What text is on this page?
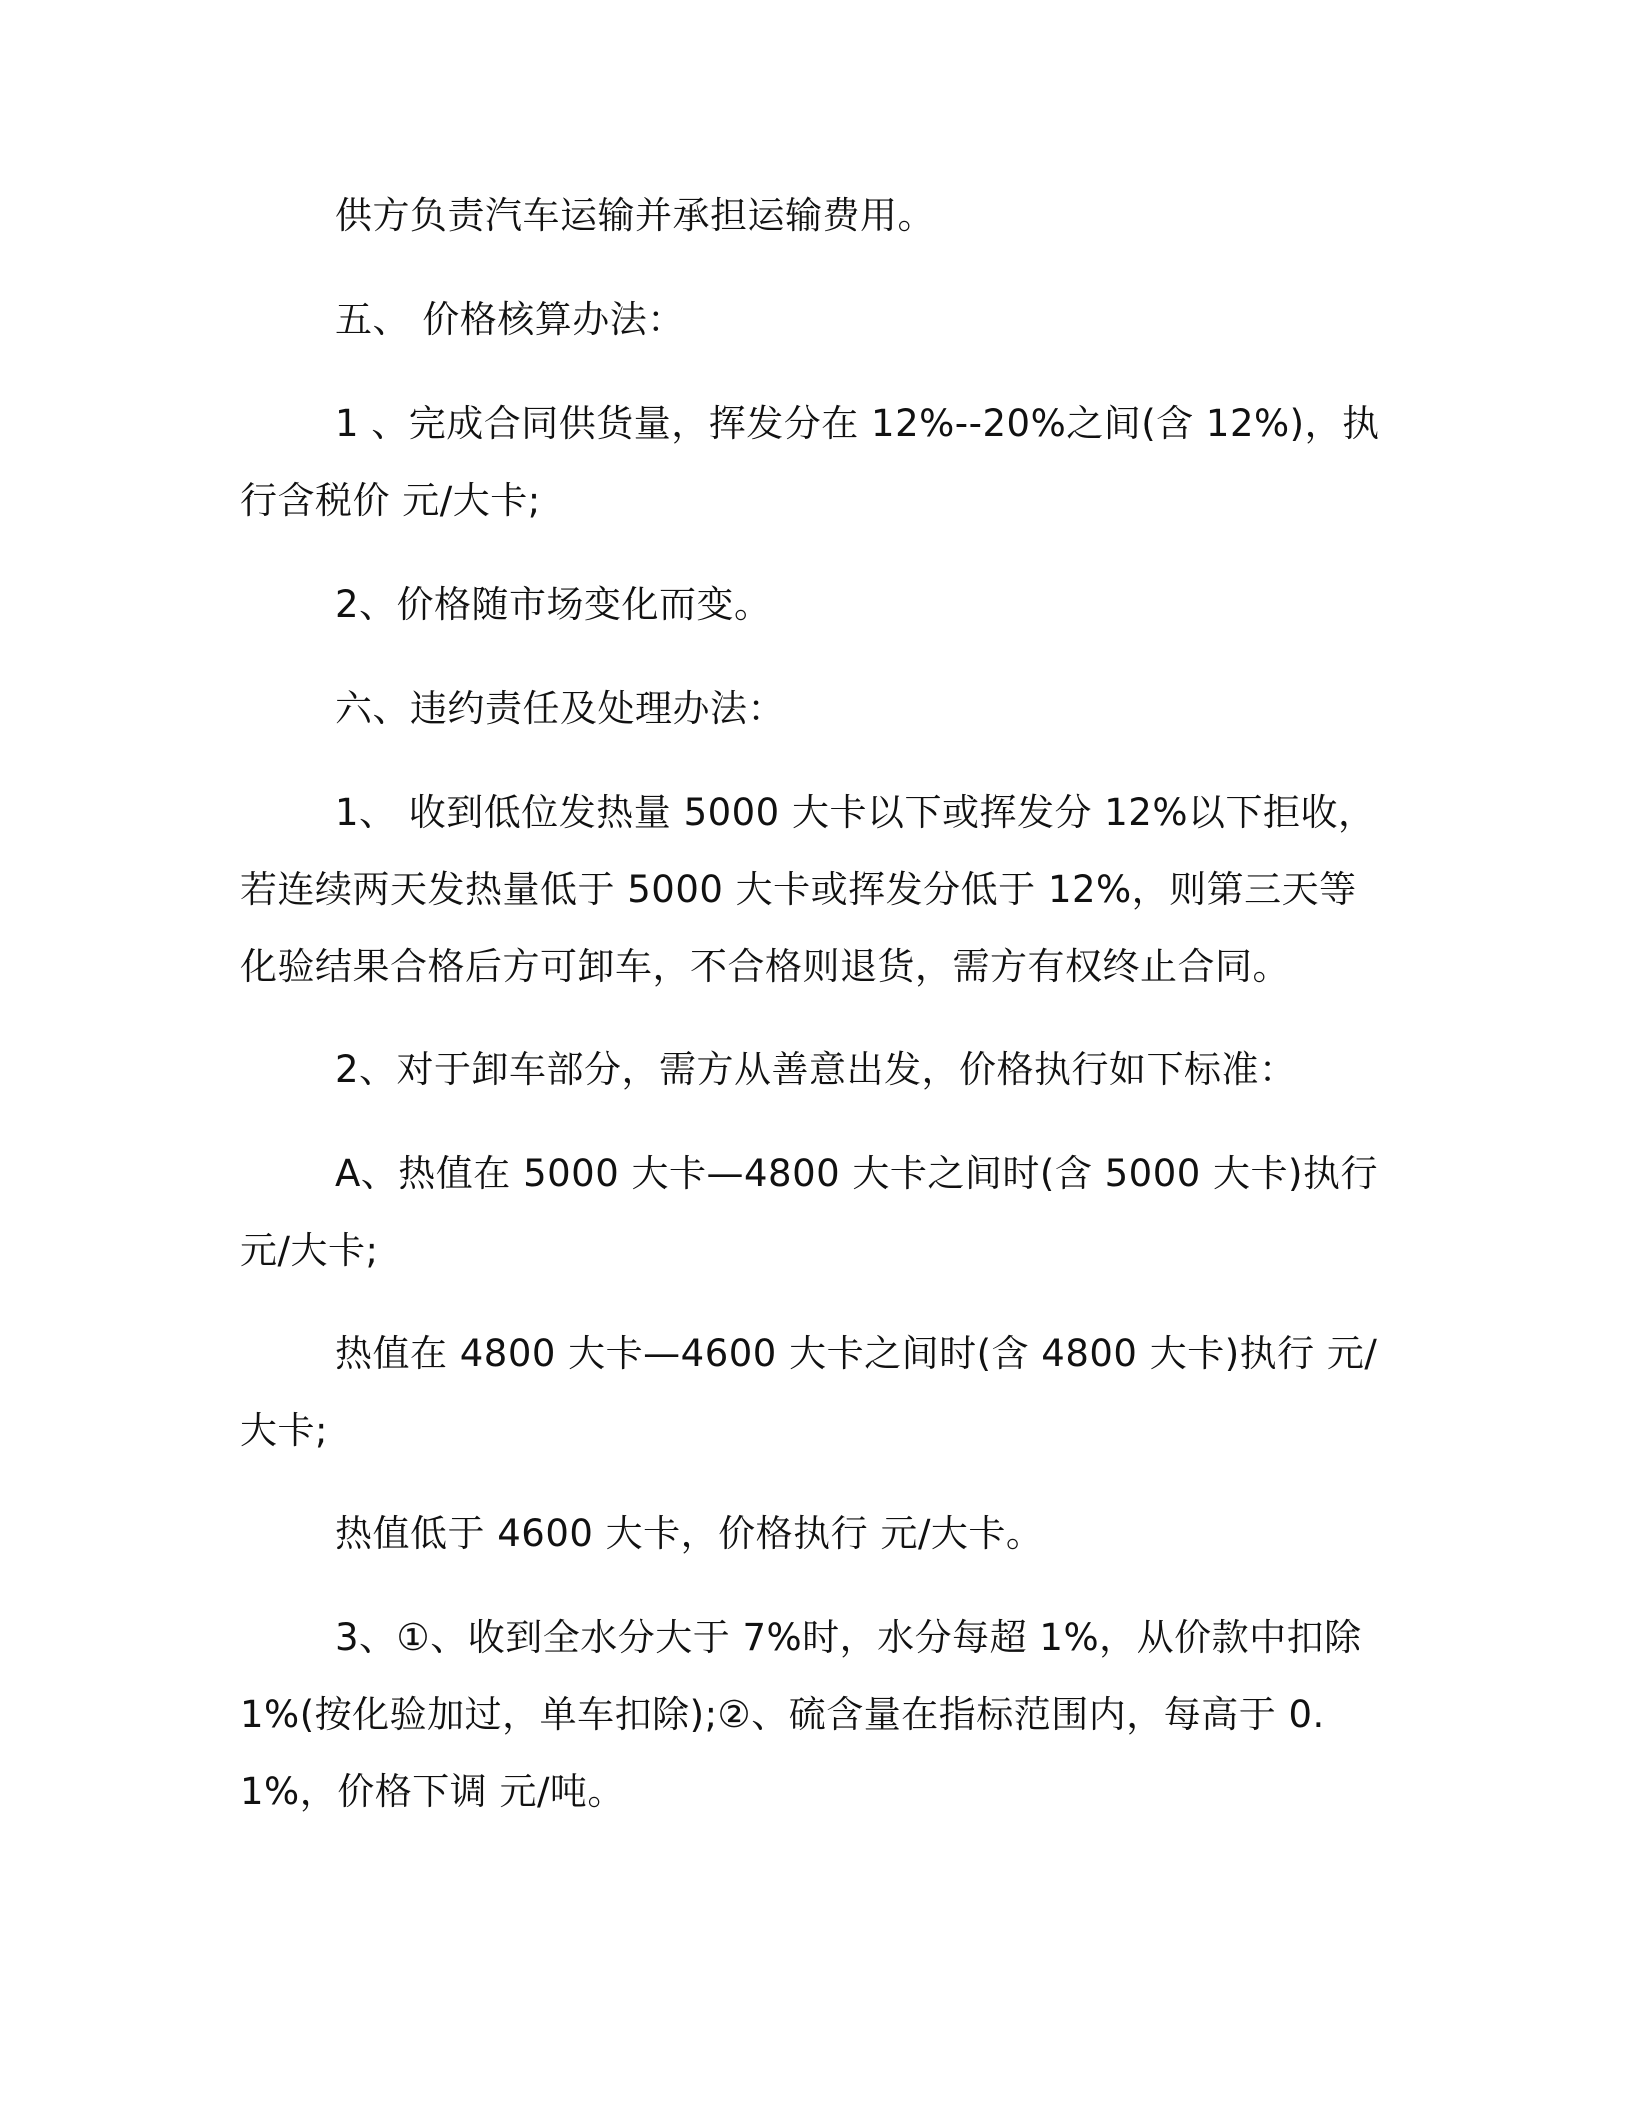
供方负责汽车运输并承担运输费用。

五、 价格核算办法：

1 、完成合同供货量，挥发分在 12%--20%之间(含 12%)，执行含税价 元/大卡;

2、价格随市场变化而变。

六、违约责任及处理办法：

1、 收到低位发热量 5000 大卡以下或挥发分 12%以下拒收，若连续两天发热量低于 5000 大卡或挥发分低于 12%，则第三天等化验结果合格后方可卸车，不合格则退货，需方有权终止合同。

2、对于卸车部分，需方从善意出发，价格执行如下标准：

A、热值在 5000 大卡—4800 大卡之间时(含 5000 大卡)执行 元/大卡;

热值在 4800 大卡—4600 大卡之间时(含 4800 大卡)执行 元/大卡;

热值低于 4600 大卡，价格执行 元/大卡。

3、①、收到全水分大于 7%时，水分每超 1%，从价款中扣除 1%(按化验加过，单车扣除);②、硫含量在指标范围内，每高于 0.1%，价格下调 元/吨。
